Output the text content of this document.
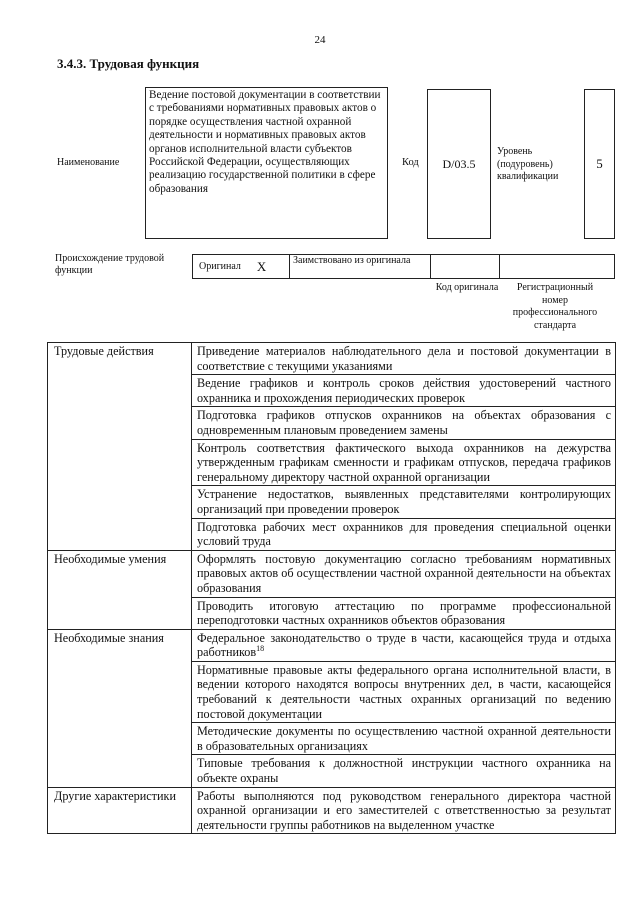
24
3.4.3. Трудовая функция
Наименование
Ведение постовой документации в соответствии с требованиями нормативных правовых актов о порядке осуществления частной охранной деятельности и нормативных правовых актов органов исполнительной власти субъектов Российской Федерации, осуществляющих реализацию государственной политики в сфере образования
Код	D/03.5
Уровень (подуровень) квалификации
5
Происхождение трудовой функции	Оригинал X	Заимствовано из оригинала
Код оригинала	Регистрационный номер профессионального стандарта
Трудовые действия	Приведение материалов наблюдательного дела и постовой документации в соответствие с текущими указаниями
	Ведение графиков и контроль сроков действия удостоверений частного охранника и прохождения периодических проверок
	Подготовка графиков отпусков охранников на объектах образования с одновременным плановым проведением замены
	Контроль соответствия фактического выхода охранников на дежурства утвержденным графикам сменности и графикам отпусков, передача графиков генеральному директору частной охранной организации
	Устранение недостатков, выявленных представителями контролирующих организаций при проведении проверок
	Подготовка рабочих мест охранников для проведения специальной оценки условий труда
Необходимые умения	Оформлять постовую документацию согласно требованиям нормативных правовых актов об осуществлении частной охранной деятельности на объектах образования
	Проводить итоговую аттестацию по программе профессиональной переподготовки частных охранников объектов образования
Необходимые знания	Федеральное законодательство о труде в части, касающейся труда и отдыха работников$^{18}$
	Нормативные правовые акты федерального органа исполнительной власти, в ведении которого находятся вопросы внутренних дел, в части, касающейся требований к деятельности частных охранных организаций по ведению постовой документации
	Методические документы по осуществлению частной охранной деятельности в образовательных организациях
	Типовые требования к должностной инструкции частного охранника на объекте охраны
Другие характеристики	Работы выполняются под руководством генерального директора частной охранной организации и его заместителей с ответственностью за результат деятельности группы работников на выделенном участке
